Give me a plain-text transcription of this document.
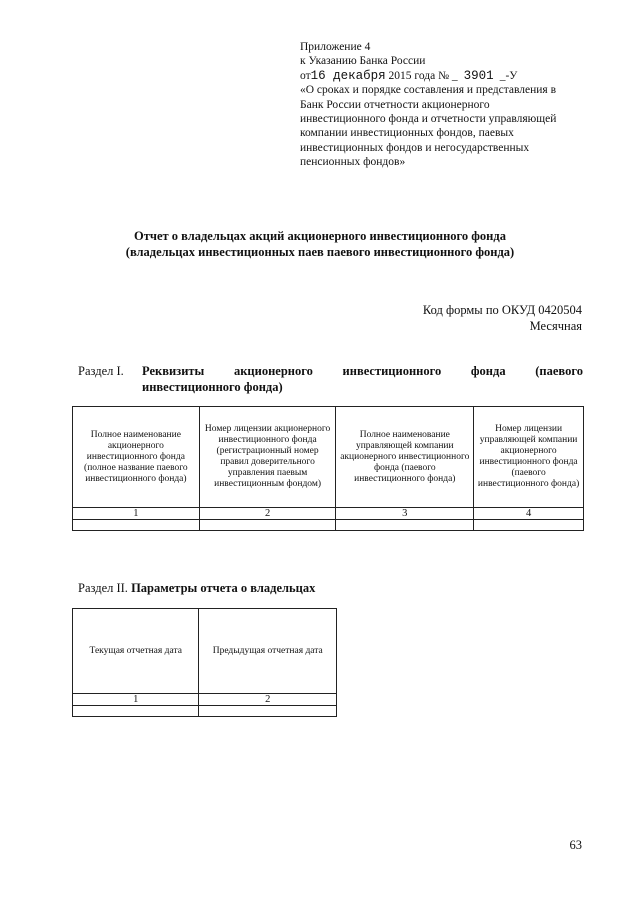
Приложение 4
к Указанию Банка России
от16 декабря 2015 года № _ 3901 _-У
«О сроках и порядке составления и представления в
Банк России отчетности акционерного
инвестиционного фонда и отчетности управляющей
компании инвестиционных фондов, паевых
инвестиционных фондов и негосударственных
пенсионных фондов»
Отчет о владельцах акций акционерного инвестиционного фонда
(владельцах инвестиционных паев паевого инвестиционного фонда)
Код формы по ОКУД 0420504
Месячная
Раздел I.	Реквизиты акционерного инвестиционного фонда (паевого
инвестиционного фонда)
Полное наименование акционерного инвестиционного фонда (полное название паевого инвестиционного фонда)	Номер лицензии акционерного инвестиционного фонда (регистрационный номер правил доверительного управления паевым инвестиционным фондом)	Полное наименование управляющей компании акционерного инвестиционного фонда (паевого инвестиционного фонда)	Номер лицензии управляющей компании акционерного инвестиционного фонда (паевого инвестиционного фонда)
1	2	3	4

Раздел II. Параметры отчета о владельцах
Текущая отчетная дата	Предыдущая отчетная дата
1	2

63
